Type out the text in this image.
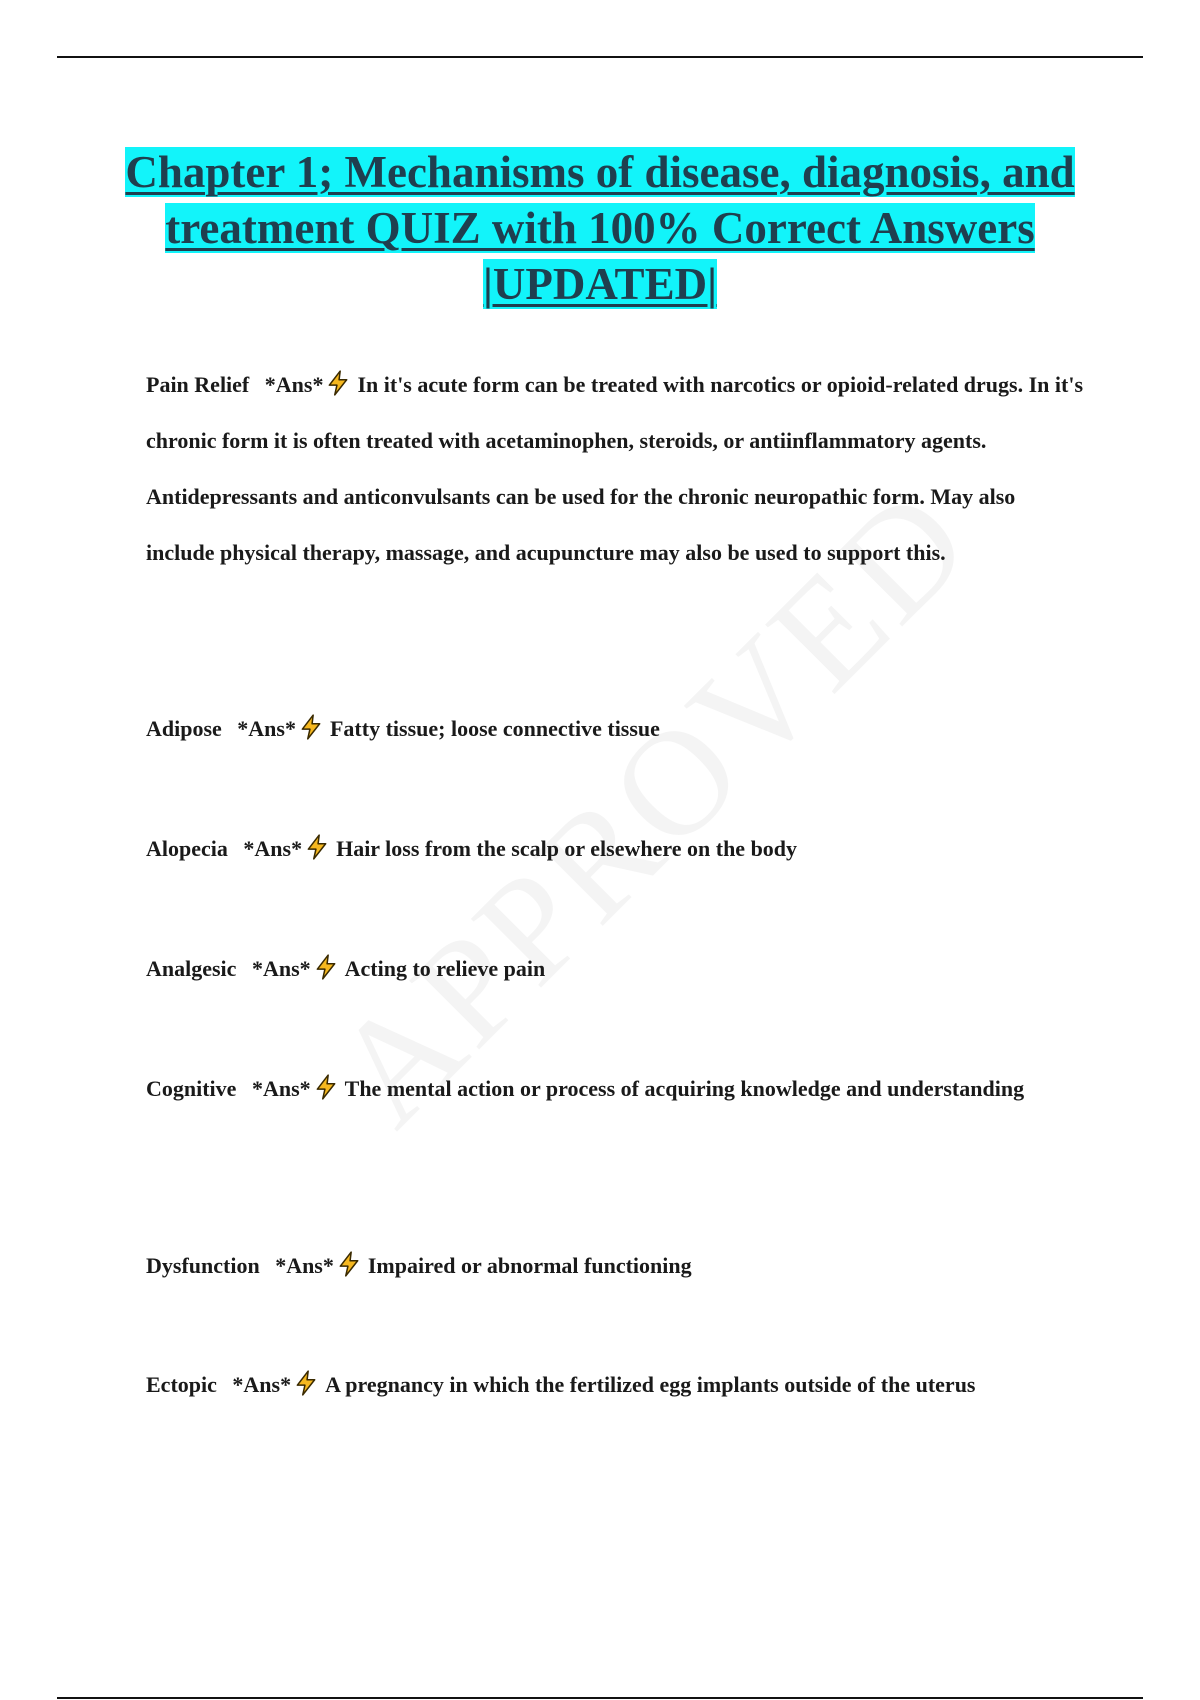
Chapter 1; Mechanisms of disease, diagnosis, and treatment QUIZ with 100% Correct Answers |UPDATED|
Pain Relief *Ans* In it's acute form can be treated with narcotics or opioid-related drugs. In it's chronic form it is often treated with acetaminophen, steroids, or antiinflammatory agents. Antidepressants and anticonvulsants can be used for the chronic neuropathic form. May also include physical therapy, massage, and acupuncture may also be used to support this.
Adipose *Ans* Fatty tissue; loose connective tissue
Alopecia *Ans* Hair loss from the scalp or elsewhere on the body
Analgesic *Ans* Acting to relieve pain
Cognitive *Ans* The mental action or process of acquiring knowledge and understanding
Dysfunction *Ans* Impaired or abnormal functioning
Ectopic *Ans* A pregnancy in which the fertilized egg implants outside of the uterus
